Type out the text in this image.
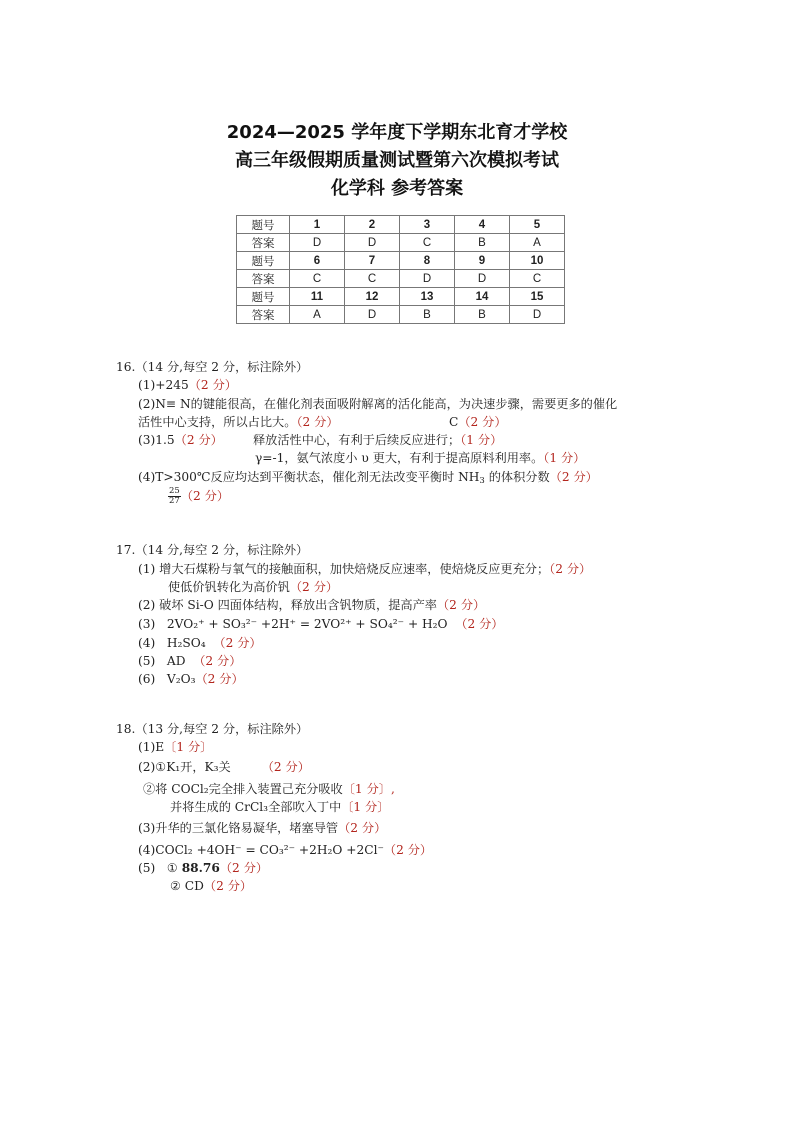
2024—2025 学年度下学期东北育才学校
高三年级假期质量测试暨第六次模拟考试
化学科 参考答案
题号	1	2	3	4	5
答案	D	D	C	B	A
题号	6	7	8	9	10
答案	C	C	D	D	C
题号	11	12	13	14	15
答案	A	D	B	B	D
16.（14 分,每空 2 分，标注除外）
(1)+245（2 分）
(2)N≡ N的键能很高，在催化剂表面吸附解离的活化能高，为决速步骤，需要更多的催化
活性中心支持，所以占比大。（2 分）	C（2 分）
(3)1.5（2 分） 释放活性中心，有利于后续反应进行；（1 分）
γ=-1，氨气浓度小 υ 更大，有利于提高原料利用率。（1 分）
(4)T>300℃反应均达到平衡状态，催化剂无法改变平衡时 $NH_3$ 的体积分数（2 分）
$\frac{25}{27} (2$ 分）
17.（14 分,每空 2 分，标注除外）
(1) 增大石煤粉与氧气的接触面积，加快焙烧反应速率，使焙烧反应更充分；（2 分）
使低价钒转化为高价钒（2 分）
(2) 破坏 Si-O 四面体结构，释放出含钒物质，提高产率（2 分）
(3) 2VO₂⁺ + SO₃²⁻ +2H⁺ = 2VO²⁺ + SO₄²⁻ + H₂O （2 分）
(4) H₂SO₄ （2 分）
(5) AD （2 分）
(6) V₂O₃（2 分）
18.（13 分,每空 2 分，标注除外）
(1)E〔1 分〕
(2)①K₁开，K₃关	（2 分）
②将 COCl₂完全排入装置己充分吸收〔1 分〕,
并将生成的 CrCl₃全部吹入丁中〔1 分〕
(3)升华的三氯化铬易凝华，堵塞导管（2 分）
(4)COCl₂ +4OH⁻ = CO₃²⁻ +2H₂O +2Cl⁻（2 分）
(5) ① 88.76（2 分）
② CD（2 分）
